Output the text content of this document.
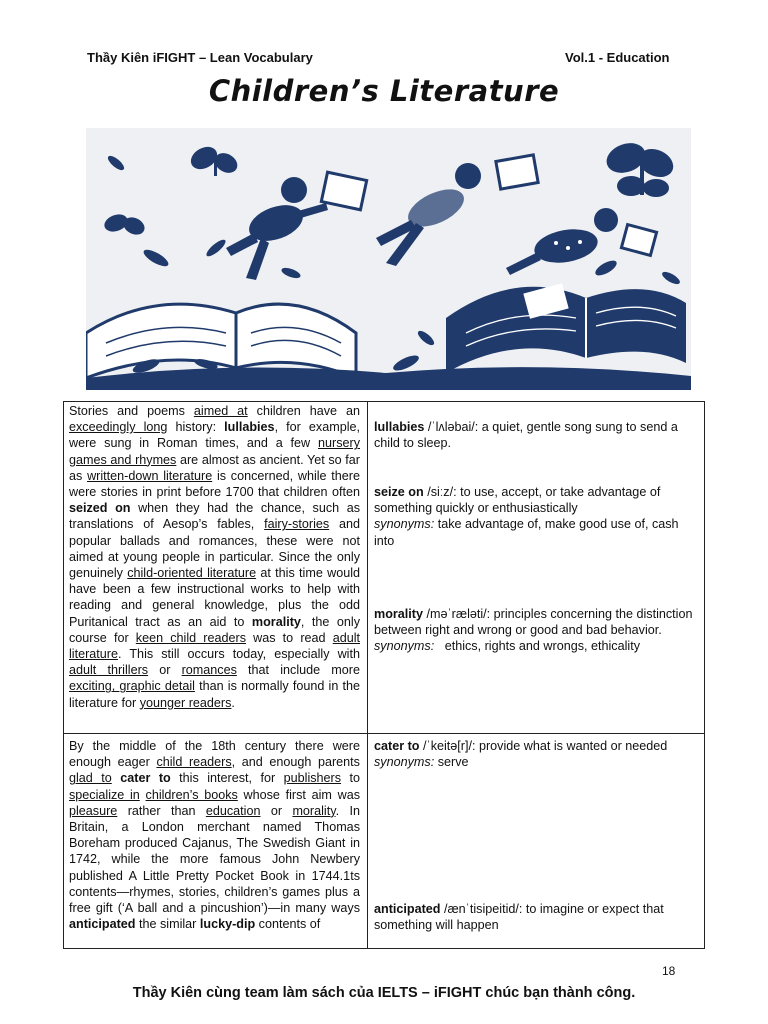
Thầy Kiên iFIGHT – Lean Vocabulary	Vol.1 - Education
Children’s Literature

Stories and poems aimed at children have an exceedingly long history: lullabies, for example, were sung in Roman times, and a few nursery games and rhymes are almost as ancient. Yet so far as written-down literature is concerned, while there were stories in print before 1700 that children often seized on when they had the chance, such as translations of Aesop’s fables, fairy-stories and popular ballads and romances, these were not aimed at young people in particular. Since the only genuinely child-oriented literature at this time would have been a few instructional works to help with reading and general knowledge, plus the odd Puritanical tract as an aid to morality, the only course for keen child readers was to read adult literature. This still occurs today, especially with adult thrillers or romances that include more exciting, graphic detail than is normally found in the literature for younger readers.

By the middle of the 18th century there were enough eager child readers, and enough parents glad to cater to this interest, for publishers to specialize in children’s books whose first aim was pleasure rather than education or morality. In Britain, a London merchant named Thomas Boreham produced Cajanus, The Swedish Giant in 1742, while the more famous John Newbery published A Little Pretty Pocket Book in 1744.1ts contents—rhymes, stories, children’s games plus a free gift (‘A ball and a pincushion’)—in many ways anticipated the similar lucky-dip contents of

lullabies /ˈlʌləbai/: a quiet, gentle song sung to send a child to sleep.

seize on /siːz/: to use, accept, or take advantage of something quickly or enthusiastically
synonyms: take advantage of, make good use of, cash into

morality /məˈræləti/: principles concerning the distinction between right and wrong or good and bad behavior.
synonyms:   ethics, rights and wrongs, ethicality

cater to /ˈkeitə[r]/: provide what is wanted or needed
synonyms: serve

anticipated /ænˈtisipeitid/: to imagine or expect that something will happen

18
Thầy Kiên cùng team làm sách của IELTS – iFIGHT chúc bạn thành công.
